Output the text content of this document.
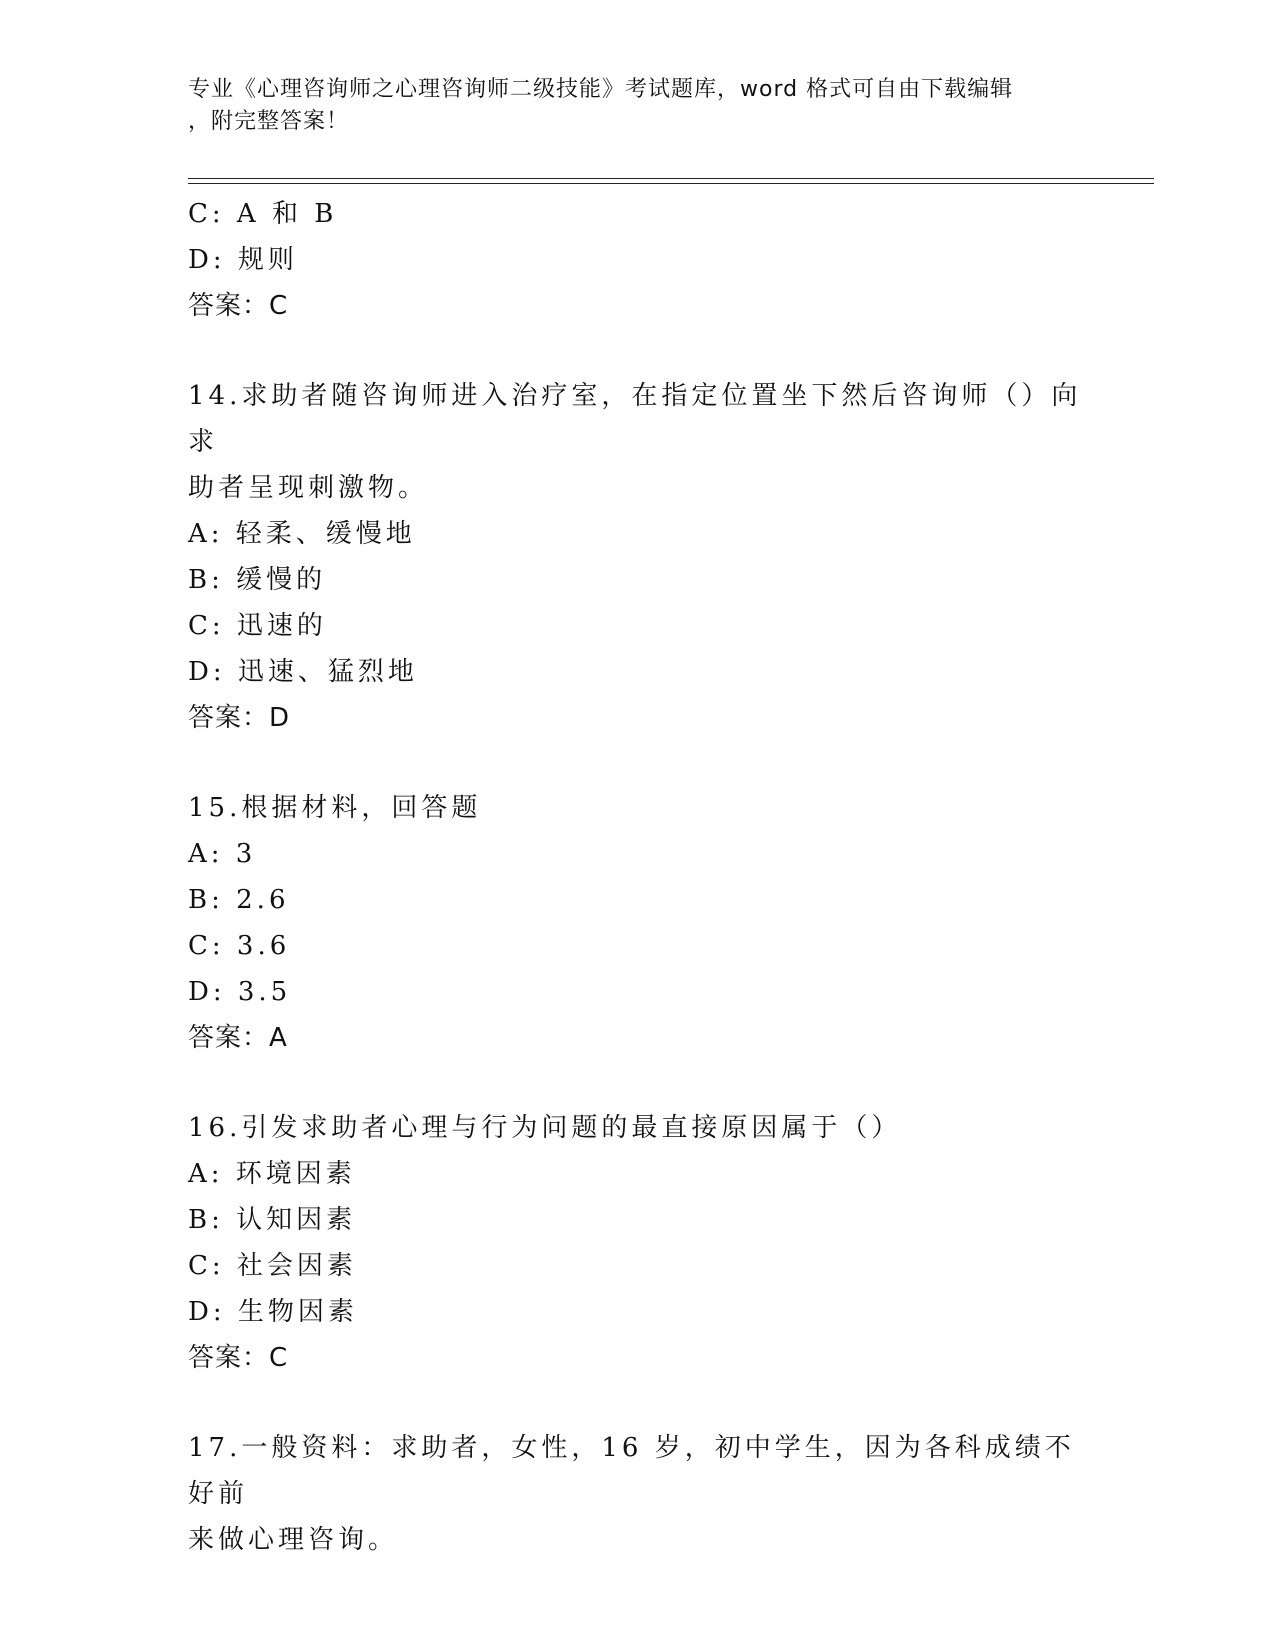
专业《心理咨询师之心理咨询师二级技能》考试题库，word 格式可自由下载编辑
，附完整答案！
C: A 和 B
D: 规则
答案：C
14.求助者随咨询师进入治疗室，在指定位置坐下然后咨询师（）向求
助者呈现刺激物。
A: 轻柔、缓慢地
B: 缓慢的
C: 迅速的
D: 迅速、猛烈地
答案：D
15.根据材料，回答题
A: 3
B: 2.6
C: 3.6
D: 3.5
答案：A
16.引发求助者心理与行为问题的最直接原因属于（）
A: 环境因素
B: 认知因素
C: 社会因素
D: 生物因素
答案：C
17.一般资料：求助者，女性，16 岁，初中学生，因为各科成绩不好前
来做心理咨询。
